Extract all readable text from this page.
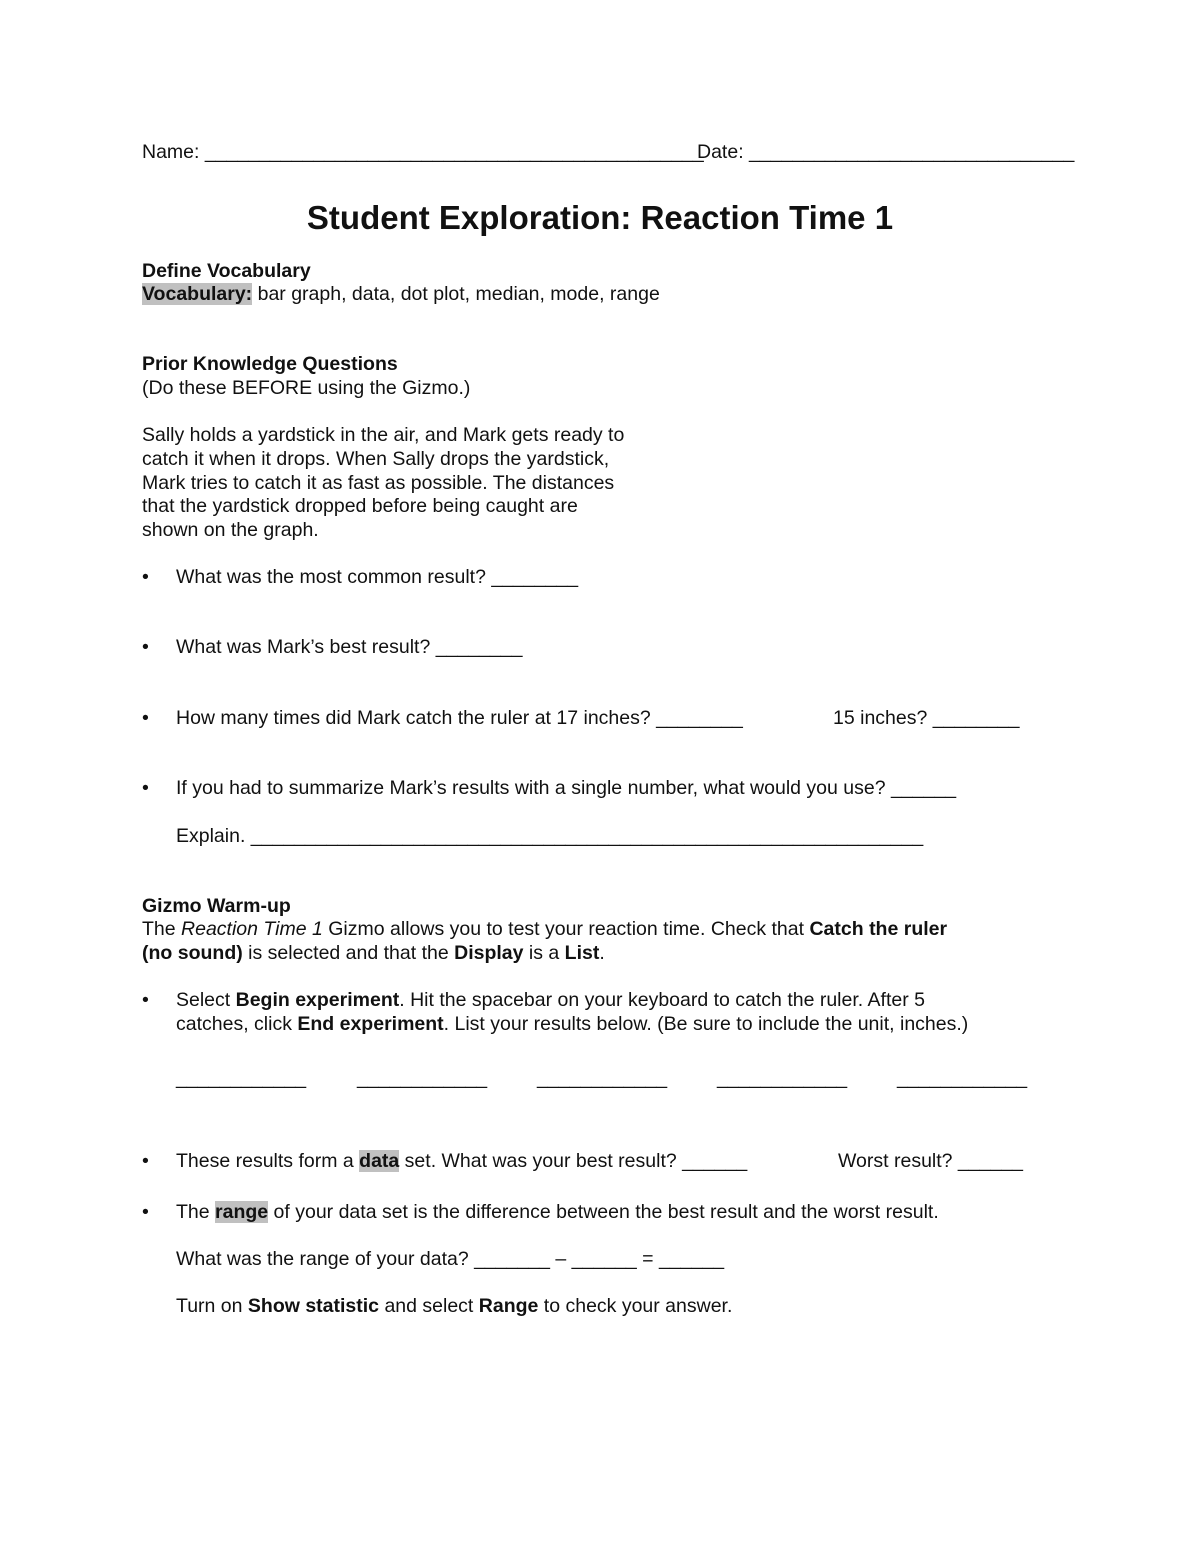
Name: ______________________________________________
Date: ______________________________
Student Exploration: Reaction Time 1
Define Vocabulary
Vocabulary: bar graph, data, dot plot, median, mode, range
Prior Knowledge Questions
(Do these BEFORE using the Gizmo.)
Sally holds a yardstick in the air, and Mark gets ready to
catch it when it drops. When Sally drops the yardstick,
Mark tries to catch it as fast as possible. The distances
that the yardstick dropped before being caught are
shown on the graph.
•	What was the most common result? ________
•	What was Mark’s best result? ________
•	How many times did Mark catch the ruler at 17 inches? ________	15 inches? ________
•	If you had to summarize Mark’s results with a single number, what would you use? ______
Explain. ______________________________________________________________
Gizmo Warm-up
The Reaction Time 1 Gizmo allows you to test your reaction time. Check that Catch the ruler
(no sound) is selected and that the Display is a List.
•	Select Begin experiment. Hit the spacebar on your keyboard to catch the ruler. After 5
catches, click End experiment. List your results below. (Be sure to include the unit, inches.)
____________	____________	____________	____________	____________
•	These results form a data set. What was your best result? ______	Worst result? ______
•	The range of your data set is the difference between the best result and the worst result.
What was the range of your data? _______ – ______ = ______
Turn on Show statistic and select Range to check your answer.
